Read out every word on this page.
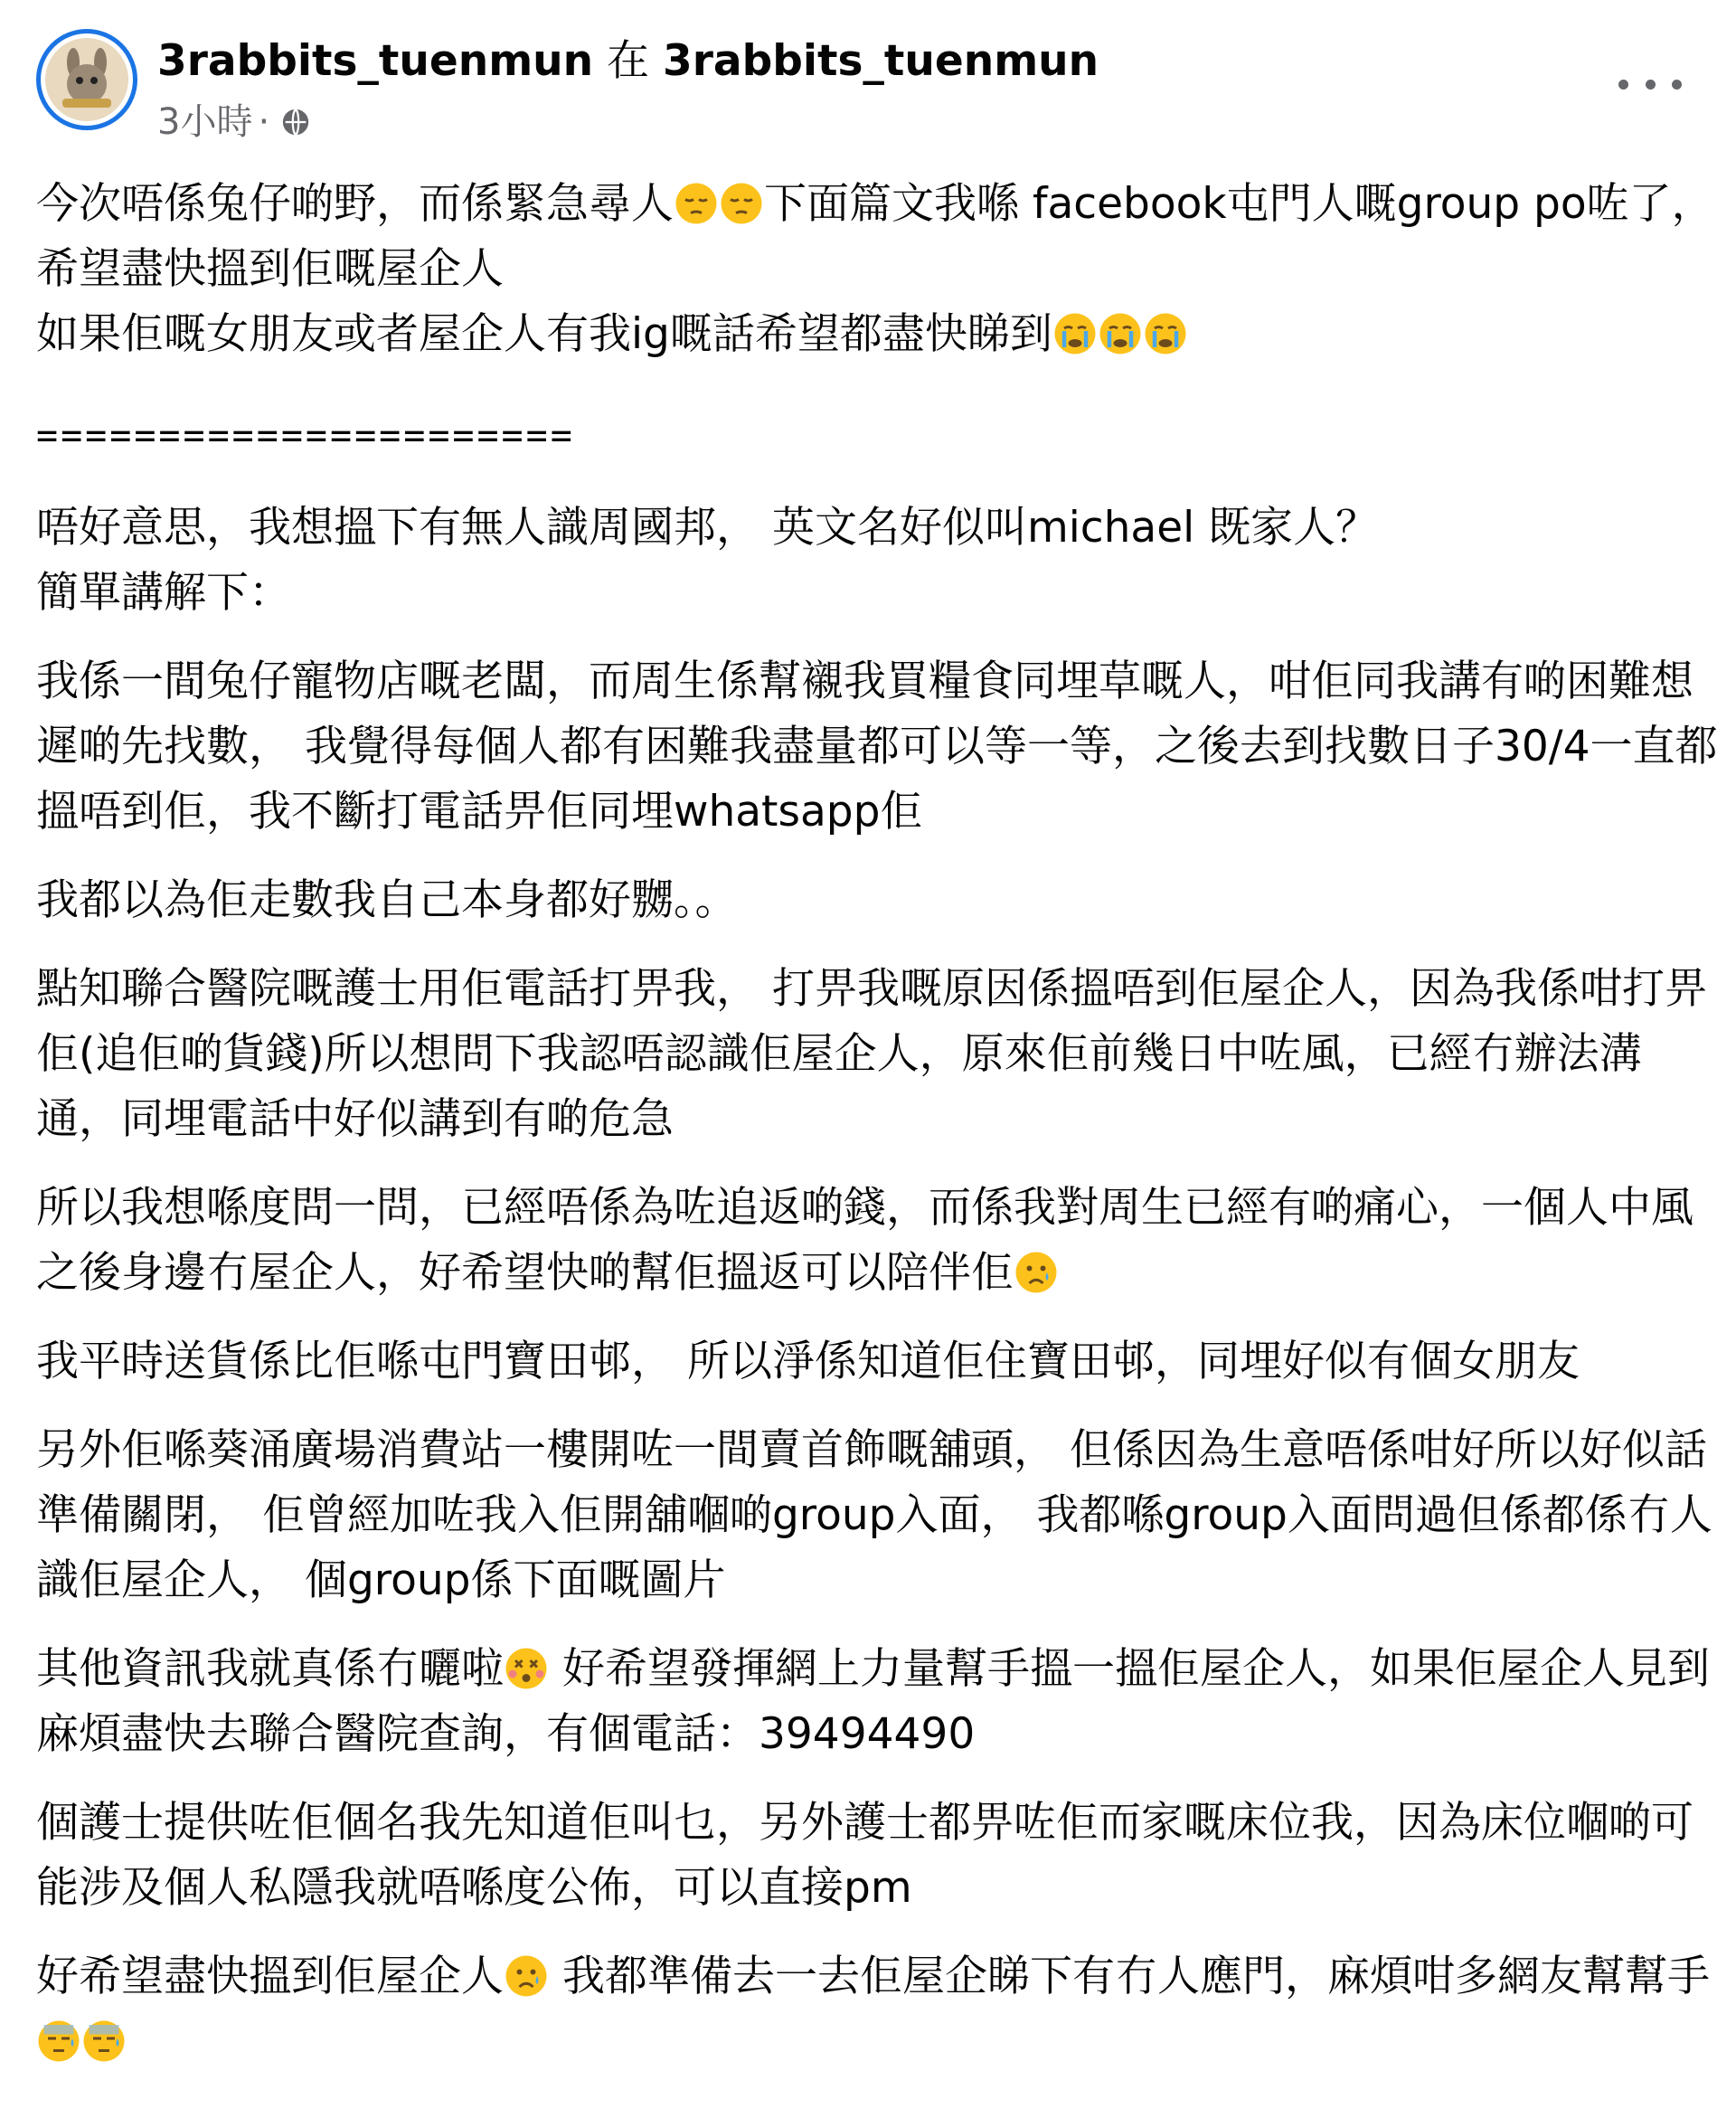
3rabbits_tuenmun 在 3rabbits_tuenmun
3小時 ·

今次唔係兔仔啲野，而係緊急尋人 下面篇文我喺 facebook屯門人嘅group po咗了， 希望盡快搵到佢嘅屋企人
如果佢嘅女朋友或者屋企人有我ig嘅話希望都盡快睇到

======================

唔好意思，我想搵下有無人識周國邦， 英文名好似叫michael 既家人？
簡單講解下：

我係一間兔仔寵物店嘅老闆，而周生係幫襯我買糧食同埋草嘅人，咁佢同我講有啲困難想遲啲先找數， 我覺得每個人都有困難我盡量都可以等一等，之後去到找數日子30/4一直都搵唔到佢，我不斷打電話畀佢同埋whatsapp佢

我都以為佢走數我自己本身都好嬲。。

點知聯合醫院嘅護士用佢電話打畀我， 打畀我嘅原因係搵唔到佢屋企人，因為我係咁打畀佢(追佢啲貨錢)所以想問下我認唔認識佢屋企人，原來佢前幾日中咗風，已經冇辦法溝通，同埋電話中好似講到有啲危急

所以我想喺度問一問，已經唔係為咗追返啲錢，而係我對周生已經有啲痛心，一個人中風之後身邊冇屋企人，好希望快啲幫佢搵返可以陪伴佢

我平時送貨係比佢喺屯門寶田邨， 所以淨係知道佢住寶田邨，同埋好似有個女朋友

另外佢喺葵涌廣場消費站一樓開咗一間賣首飾嘅舖頭， 但係因為生意唔係咁好所以好似話準備關閉， 佢曾經加咗我入佢開舖嗰啲group入面， 我都喺group入面問過但係都係冇人識佢屋企人， 個group係下面嘅圖片

其他資訊我就真係冇曬啦 好希望發揮網上力量幫手搵一搵佢屋企人，如果佢屋企人見到麻煩盡快去聯合醫院查詢，有個電話：39494490

個護士提供咗佢個名我先知道佢叫乜，另外護士都畀咗佢而家嘅床位我，因為床位嗰啲可能涉及個人私隱我就唔喺度公佈，可以直接pm

好希望盡快搵到佢屋企人 我都準備去一去佢屋企睇下有冇人應門，麻煩咁多網友幫幫手
